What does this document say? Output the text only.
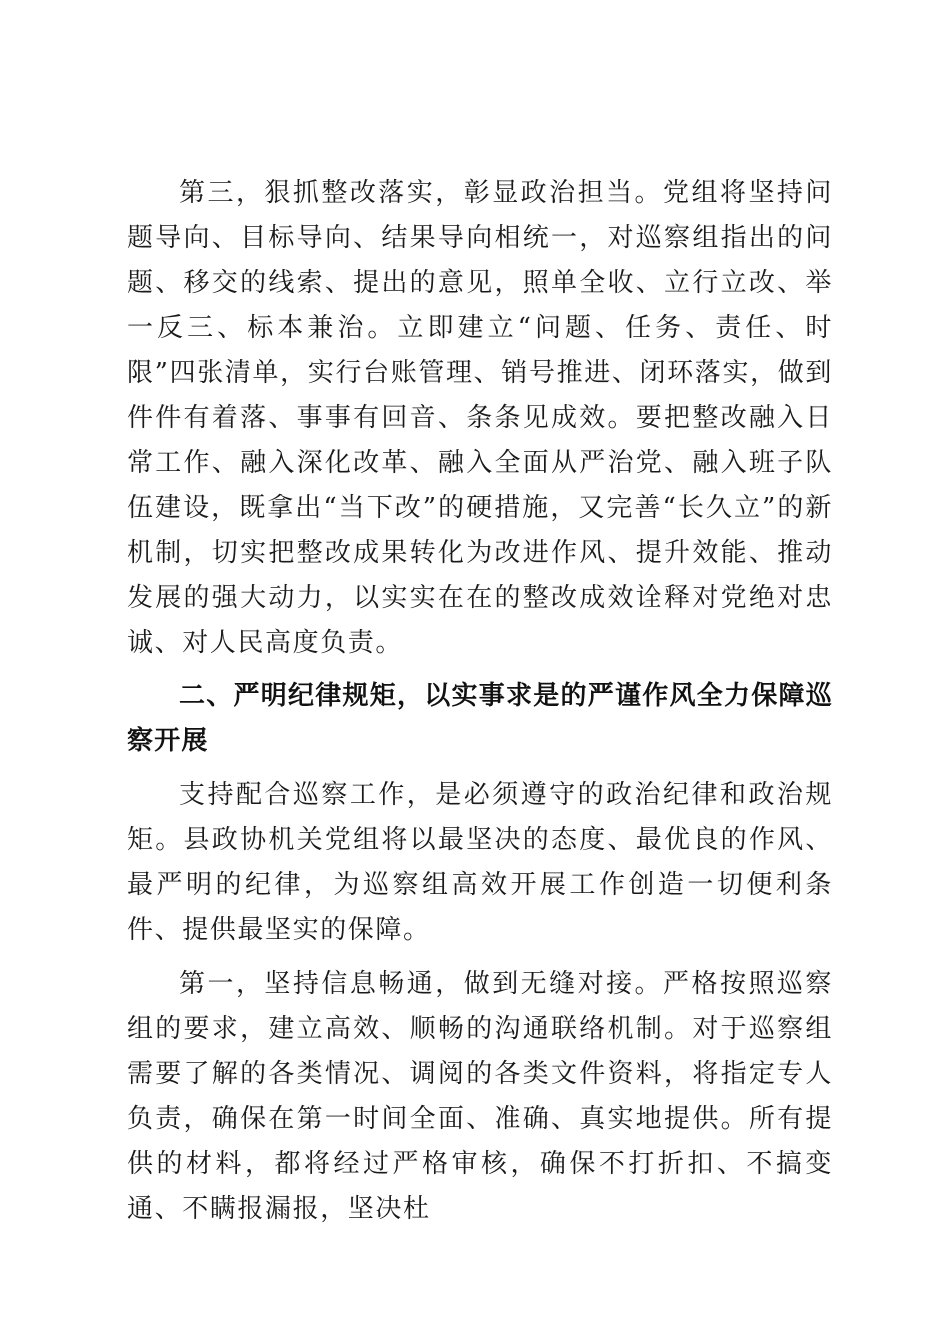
第三，狠抓整改落实，彰显政治担当。党组将坚持问题导向、目标导向、结果导向相统一，对巡察组指出的问题、移交的线索、提出的意见，照单全收、立行立改、举一反三、标本兼治。立即建立“问题、任务、责任、时限”四张清单，实行台账管理、销号推进、闭环落实，做到件件有着落、事事有回音、条条见成效。要把整改融入日常工作、融入深化改革、融入全面从严治党、融入班子队伍建设，既拿出“当下改”的硬措施，又完善“长久立”的新机制，切实把整改成果转化为改进作风、提升效能、推动发展的强大动力，以实实在在的整改成效诠释对党绝对忠诚、对人民高度负责。

二、严明纪律规矩，以实事求是的严谨作风全力保障巡察开展

支持配合巡察工作，是必须遵守的政治纪律和政治规矩。县政协机关党组将以最坚决的态度、最优良的作风、最严明的纪律，为巡察组高效开展工作创造一切便利条件、提供最坚实的保障。

第一，坚持信息畅通，做到无缝对接。严格按照巡察组的要求，建立高效、顺畅的沟通联络机制。对于巡察组需要了解的各类情况、调阅的各类文件资料，将指定专人负责，确保在第一时间全面、准确、真实地提供。所有提供的材料，都将经过严格审核，确保不打折扣、不搞变通、不瞒报漏报，坚决杜
